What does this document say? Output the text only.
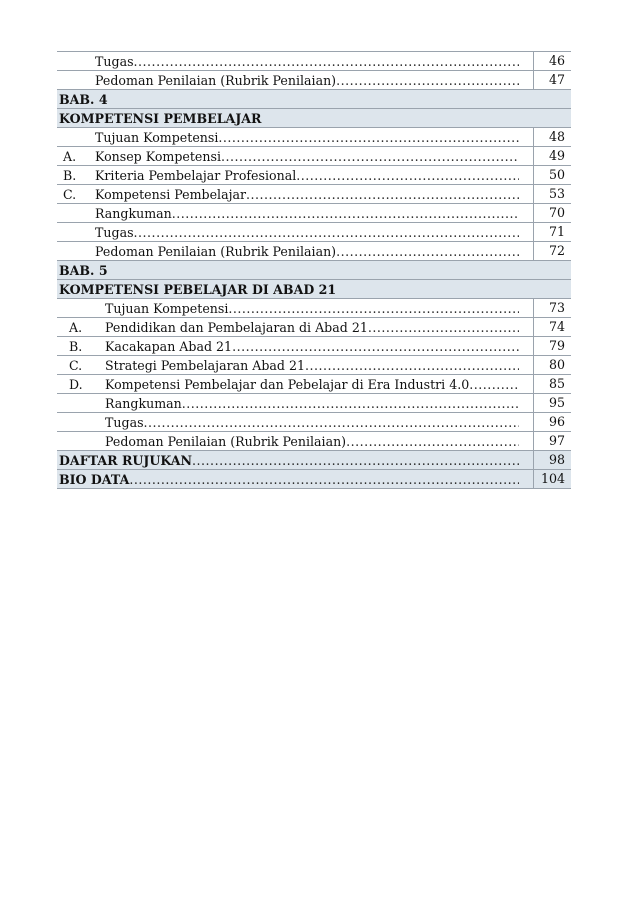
Tugas .....	46
Pedoman Penilaian (Rubrik Penilaian) .....	47
BAB. 4
KOMPETENSI PEMBELAJAR
Tujuan Kompetensi .....	48
A.	Konsep Kompetensi .....	49
B.	Kriteria Pembelajar Profesional .....	50
C.	Kompetensi Pembelajar .....	53
Rangkuman .....	70
Tugas .....	71
Pedoman Penilaian (Rubrik Penilaian) .....	72
BAB. 5
KOMPETENSI PEBELAJAR DI ABAD 21
Tujuan Kompetensi .....	73
A.	Pendidikan dan Pembelajaran di Abad 21 .....	74
B.	Kacakapan Abad 21 .....	79
C.	Strategi Pembelajaran Abad 21 .....	80
D.	Kompetensi Pembelajar dan Pebelajar di Era Industri 4.0 .....	85
Rangkuman .....	95
Tugas .....	96
Pedoman Penilaian (Rubrik Penilaian) .....	97
DAFTAR RUJUKAN .....	98
BIO DATA .....	104
